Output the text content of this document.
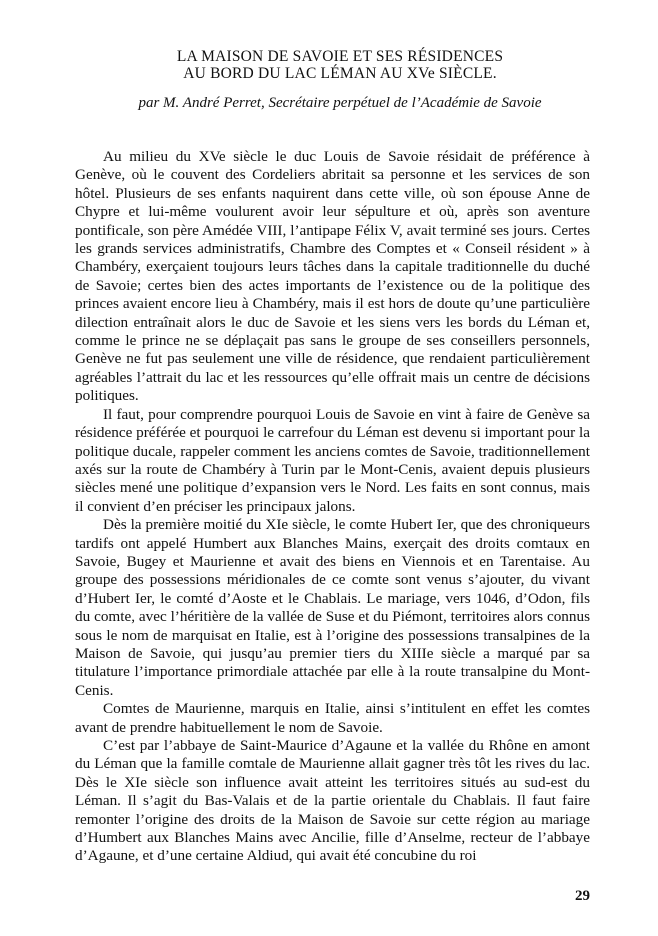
LA MAISON DE SAVOIE ET SES RÉSIDENCES
AU BORD DU LAC LÉMAN AU XVe SIÈCLE.
par M. André Perret, Secrétaire perpétuel de l’Académie de Savoie

Au milieu du XVe siècle le duc Louis de Savoie résidait de préférence à Genève, où le couvent des Cordeliers abritait sa personne et les services de son hôtel. Plusieurs de ses enfants naquirent dans cette ville, où son épouse Anne de Chypre et lui-même voulurent avoir leur sépulture et où, après son aventure pontificale, son père Amédée VIII, l’antipape Félix V, avait terminé ses jours. Certes les grands services administratifs, Chambre des Comptes et « Conseil résident » à Chambéry, exerçaient toujours leurs tâches dans la capitale traditionnelle du duché de Savoie; certes bien des actes importants de l’existence ou de la politique des princes avaient encore lieu à Chambéry, mais il est hors de doute qu’une particulière dilection entraînait alors le duc de Savoie et les siens vers les bords du Léman et, comme le prince ne se déplaçait pas sans le groupe de ses conseillers personnels, Genève ne fut pas seulement une ville de résidence, que rendaient particulièrement agréables l’attrait du lac et les ressources qu’elle offrait mais un centre de décisions politiques.

Il faut, pour comprendre pourquoi Louis de Savoie en vint à faire de Genève sa résidence préférée et pourquoi le carrefour du Léman est devenu si important pour la politique ducale, rappeler comment les anciens comtes de Savoie, traditionnellement axés sur la route de Chambéry à Turin par le Mont-Cenis, avaient depuis plusieurs siècles mené une politique d’expansion vers le Nord. Les faits en sont connus, mais il convient d’en préciser les principaux jalons.

Dès la première moitié du XIe siècle, le comte Hubert Ier, que des chroniqueurs tardifs ont appelé Humbert aux Blanches Mains, exerçait des droits comtaux en Savoie, Bugey et Maurienne et avait des biens en Viennois et en Tarentaise. Au groupe des possessions méridionales de ce comte sont venus s’ajouter, du vivant d’Hubert Ier, le comté d’Aoste et le Chablais. Le mariage, vers 1046, d’Odon, fils du comte, avec l’héritière de la vallée de Suse et du Piémont, territoires alors connus sous le nom de marquisat en Italie, est à l’origine des possessions transalpines de la Maison de Savoie, qui jusqu’au premier tiers du XIIIe siècle a marqué par sa titulature l’importance primordiale attachée par elle à la route transalpine du Mont-Cenis.

Comtes de Maurienne, marquis en Italie, ainsi s’intitulent en effet les comtes avant de prendre habituellement le nom de Savoie.

C’est par l’abbaye de Saint-Maurice d’Agaune et la vallée du Rhône en amont du Léman que la famille comtale de Maurienne allait gagner très tôt les rives du lac. Dès le XIe siècle son influence avait atteint les territoires situés au sud-est du Léman. Il s’agit du Bas-Valais et de la partie orientale du Chablais. Il faut faire remonter l’origine des droits de la Maison de Savoie sur cette région au mariage d’Humbert aux Blanches Mains avec Ancilie, fille d’Anselme, recteur de l’abbaye d’Agaune, et d’une certaine Aldiud, qui avait été concubine du roi

29
